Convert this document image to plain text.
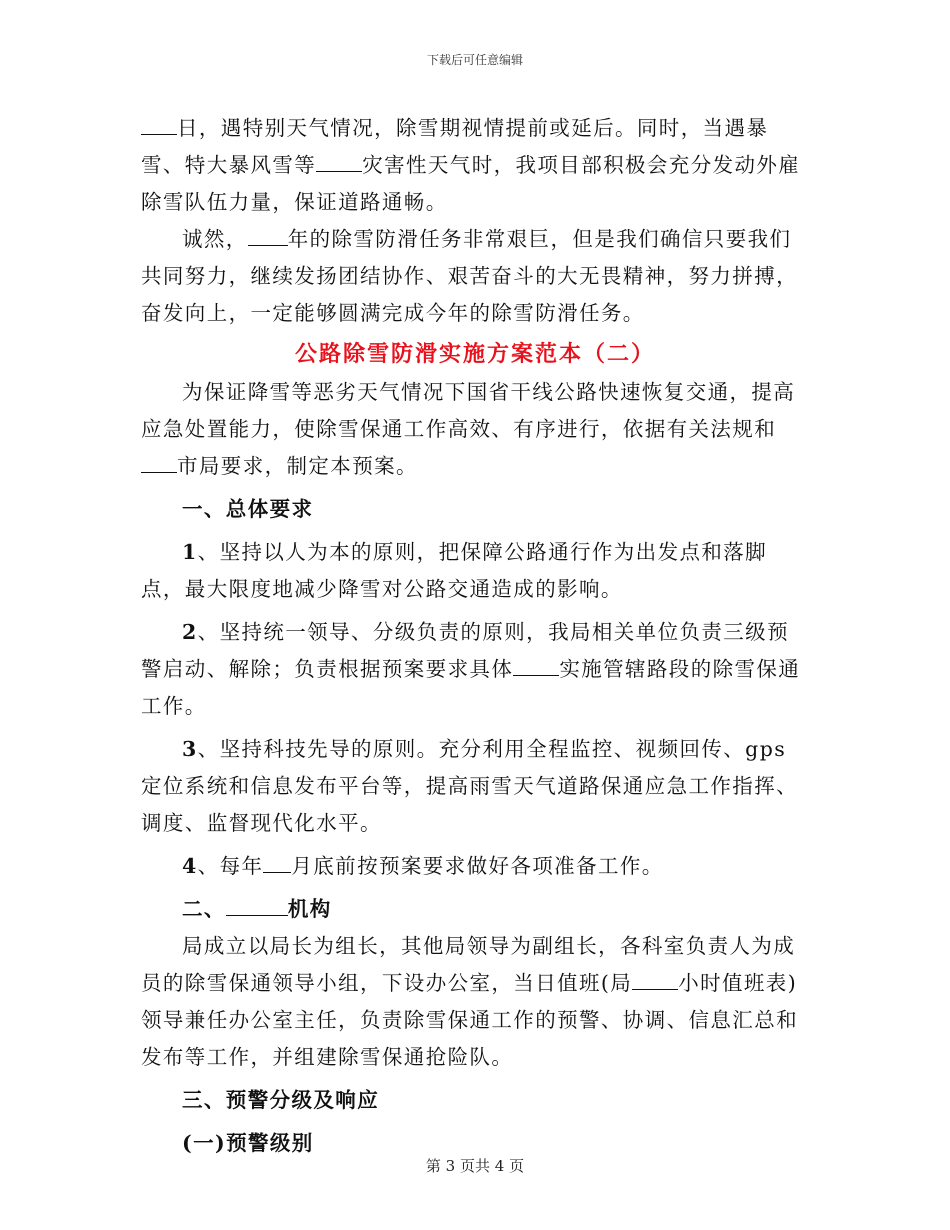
下载后可任意编辑

日，遇特别天气情况，除雪期视情提前或延后。同时，当遇暴雪、特大暴风雪等 灾害性天气时，我项目部积极会充分发动外雇除雪队伍力量，保证道路通畅。

诚然， 年的除雪防滑任务非常艰巨，但是我们确信只要我们共同努力，继续发扬团结协作、艰苦奋斗的大无畏精神，努力拼搏，奋发向上，一定能够圆满完成今年的除雪防滑任务。

公路除雪防滑实施方案范本（二）

为保证降雪等恶劣天气情况下国省干线公路快速恢复交通，提高应急处置能力，使除雪保通工作高效、有序进行，依据有关法规和市局要求，制定本预案。

一、总体要求

1、坚持以人为本的原则，把保障公路通行作为出发点和落脚点，最大限度地减少降雪对公路交通造成的影响。

2、坚持统一领导、分级负责的原则，我局相关单位负责三级预警启动、解除；负责根据预案要求具体 实施管辖路段的除雪保通工作。

3、坚持科技先导的原则。充分利用全程监控、视频回传、gps 定位系统和信息发布平台等，提高雨雪天气道路保通应急工作指挥、调度、监督现代化水平。

4、每年 月底前按预案要求做好各项准备工作。

二、	机构

局成立以局长为组长，其他局领导为副组长，各科室负责人为成员的除雪保通领导小组，下设办公室，当日值班(局 小时值班表)领导兼任办公室主任，负责除雪保通工作的预警、协调、信息汇总和发布等工作，并组建除雪保通抢险队。

三、预警分级及响应

(一)预警级别

第 3 页共 4 页
